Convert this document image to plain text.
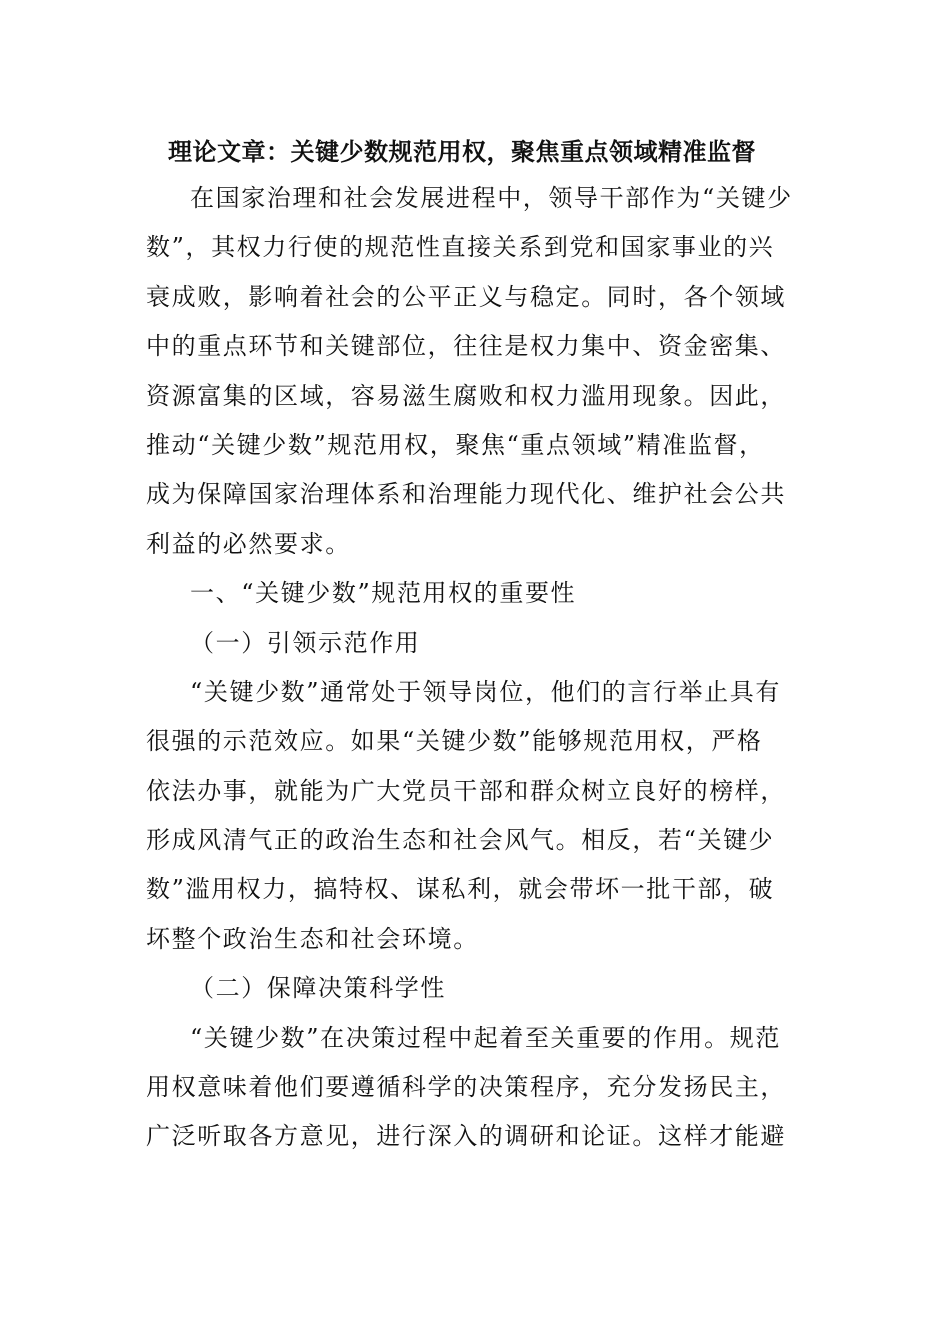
理论文章：关键少数规范用权，聚焦重点领域精准监督
在国家治理和社会发展进程中，领导干部作为“关键少
数”，其权力行使的规范性直接关系到党和国家事业的兴
衰成败，影响着社会的公平正义与稳定。同时，各个领域
中的重点环节和关键部位，往往是权力集中、资金密集、
资源富集的区域，容易滋生腐败和权力滥用现象。因此，
推动“关键少数”规范用权，聚焦“重点领域”精准监督，
成为保障国家治理体系和治理能力现代化、维护社会公共
利益的必然要求。
一、“关键少数”规范用权的重要性
（一）引领示范作用
“关键少数”通常处于领导岗位，他们的言行举止具有
很强的示范效应。如果“关键少数”能够规范用权，严格
依法办事，就能为广大党员干部和群众树立良好的榜样，
形成风清气正的政治生态和社会风气。相反，若“关键少
数”滥用权力，搞特权、谋私利，就会带坏一批干部，破
坏整个政治生态和社会环境。
（二）保障决策科学性
“关键少数”在决策过程中起着至关重要的作用。规范
用权意味着他们要遵循科学的决策程序，充分发扬民主，
广泛听取各方意见，进行深入的调研和论证。这样才能避
